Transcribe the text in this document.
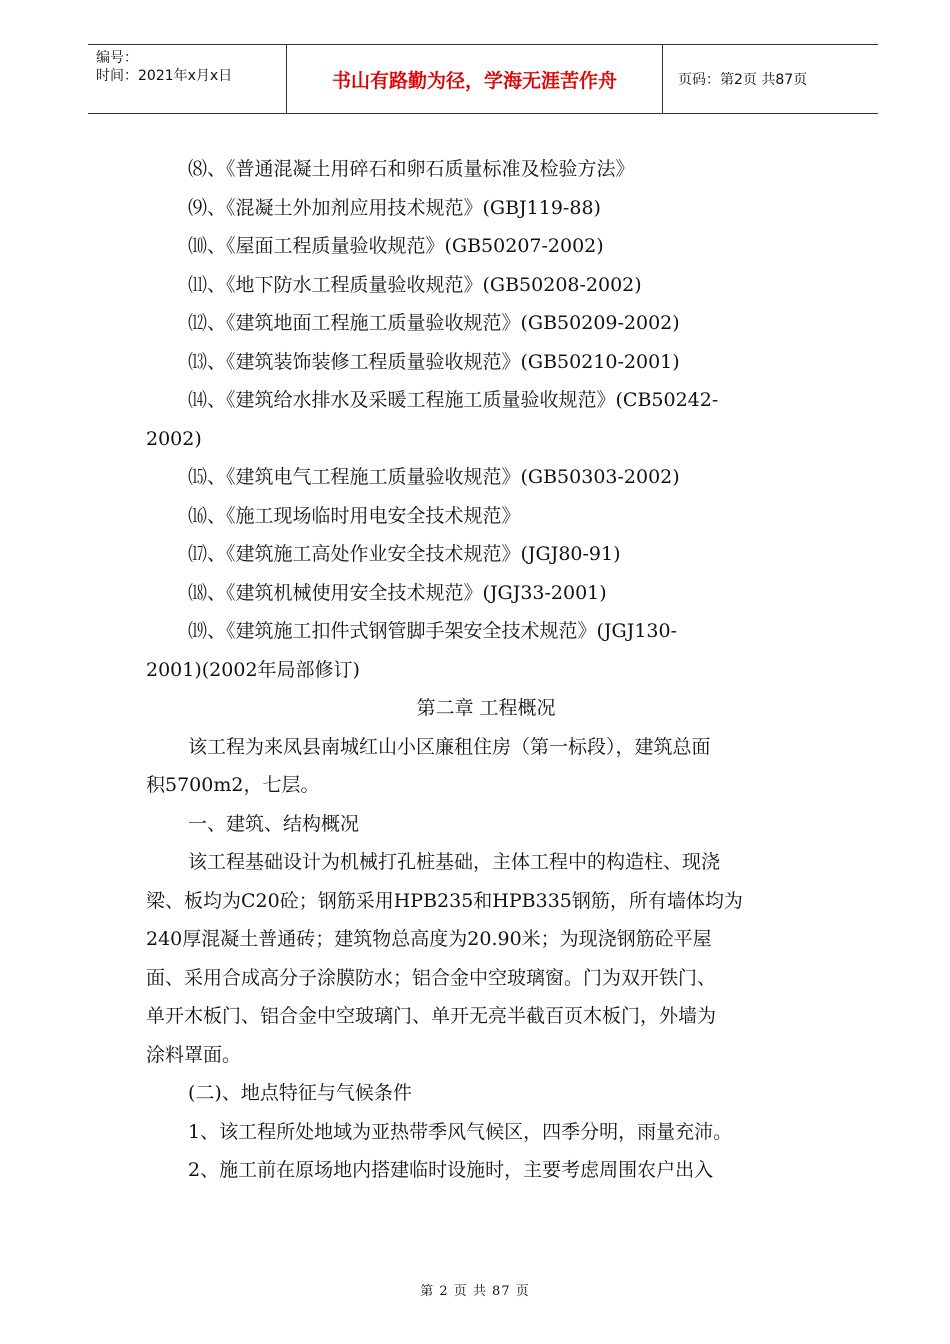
编号：
时间：2021年x月x日	书山有路勤为径，学海无涯苦作舟	页码：第2页 共87页
⑻、《普通混凝土用碎石和卵石质量标准及检验方法》
⑼、《混凝土外加剂应用技术规范》(GBJ119-88)
⑽、《屋面工程质量验收规范》(GB50207-2002)
⑾、《地下防水工程质量验收规范》(GB50208-2002)
⑿、《建筑地面工程施工质量验收规范》(GB50209-2002)
⒀、《建筑装饰装修工程质量验收规范》(GB50210-2001)
⒁、《建筑给水排水及采暖工程施工质量验收规范》(CB50242-
2002)
⒂、《建筑电气工程施工质量验收规范》(GB50303-2002)
⒃、《施工现场临时用电安全技术规范》
⒄、《建筑施工高处作业安全技术规范》(JGJ80-91)
⒅、《建筑机械使用安全技术规范》(JGJ33-2001)
⒆、《建筑施工扣件式钢管脚手架安全技术规范》(JGJ130-
2001)(2002年局部修订)
第二章 工程概况
该工程为来凤县南城红山小区廉租住房（第一标段），建筑总面
积5700m2，七层。
一、建筑、结构概况
该工程基础设计为机械打孔桩基础，主体工程中的构造柱、现浇
梁、板均为C20砼；钢筋采用HPB235和HPB335钢筋，所有墙体均为
240厚混凝土普通砖；建筑物总高度为20.90米；为现浇钢筋砼平屋
面、采用合成高分子涂膜防水；铝合金中空玻璃窗。门为双开铁门、
单开木板门、铝合金中空玻璃门、单开无亮半截百页木板门，外墙为
涂料罩面。
(二)、地点特征与气候条件
1、该工程所处地域为亚热带季风气候区，四季分明，雨量充沛。
2、施工前在原场地内搭建临时设施时，主要考虑周围农户出入
第 2 页 共 87 页
